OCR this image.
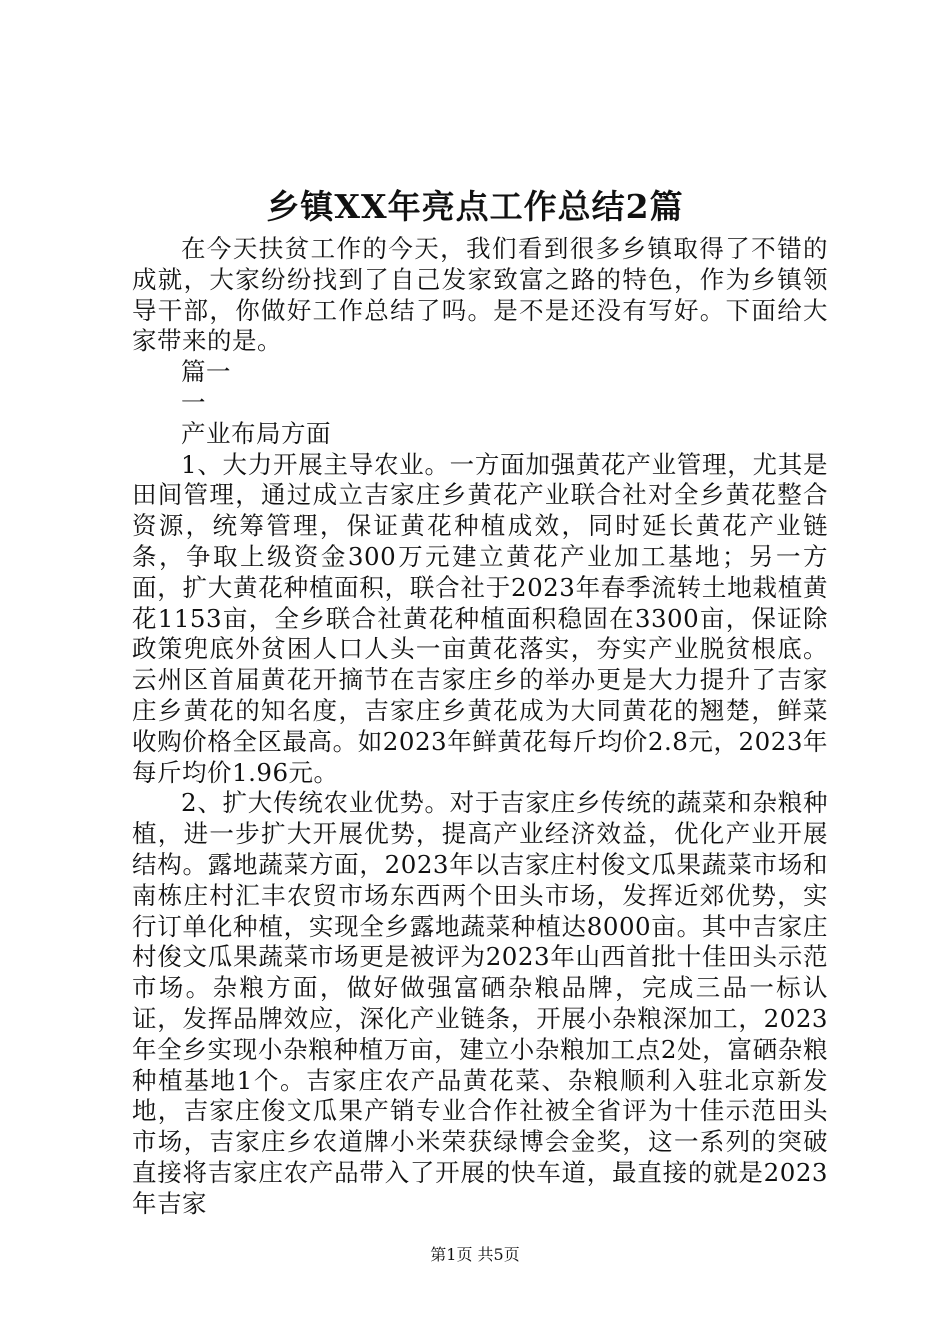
乡镇XX年亮点工作总结2篇

在今天扶贫工作的今天，我们看到很多乡镇取得了不错的成就，大家纷纷找到了自己发家致富之路的特色，作为乡镇领导干部，你做好工作总结了吗。是不是还没有写好。下面给大家带来的是。

篇一

一

产业布局方面

1、大力开展主导农业。一方面加强黄花产业管理，尤其是田间管理，通过成立吉家庄乡黄花产业联合社对全乡黄花整合资源，统筹管理，保证黄花种植成效，同时延长黄花产业链条，争取上级资金300万元建立黄花产业加工基地；另一方面，扩大黄花种植面积，联合社于2023年春季流转土地栽植黄花1153亩，全乡联合社黄花种植面积稳固在3300亩，保证除政策兜底外贫困人口人头一亩黄花落实，夯实产业脱贫根底。云州区首届黄花开摘节在吉家庄乡的举办更是大力提升了吉家庄乡黄花的知名度，吉家庄乡黄花成为大同黄花的翘楚，鲜菜收购价格全区最高。如2023年鲜黄花每斤均价2.8元，2023年每斤均价1.96元。

2、扩大传统农业优势。对于吉家庄乡传统的蔬菜和杂粮种植，进一步扩大开展优势，提高产业经济效益，优化产业开展结构。露地蔬菜方面，2023年以吉家庄村俊文瓜果蔬菜市场和南栋庄村汇丰农贸市场东西两个田头市场，发挥近郊优势，实行订单化种植，实现全乡露地蔬菜种植达8000亩。其中吉家庄村俊文瓜果蔬菜市场更是被评为2023年山西首批十佳田头示范市场。杂粮方面，做好做强富硒杂粮品牌，完成三品一标认证，发挥品牌效应，深化产业链条，开展小杂粮深加工，2023年全乡实现小杂粮种植万亩，建立小杂粮加工点2处，富硒杂粮种植基地1个。吉家庄农产品黄花菜、杂粮顺利入驻北京新发地，吉家庄俊文瓜果产销专业合作社被全省评为十佳示范田头市场，吉家庄乡农道牌小米荣获绿博会金奖，这一系列的突破直接将吉家庄农产品带入了开展的快车道，最直接的就是2023年吉家

第1页 共5页
